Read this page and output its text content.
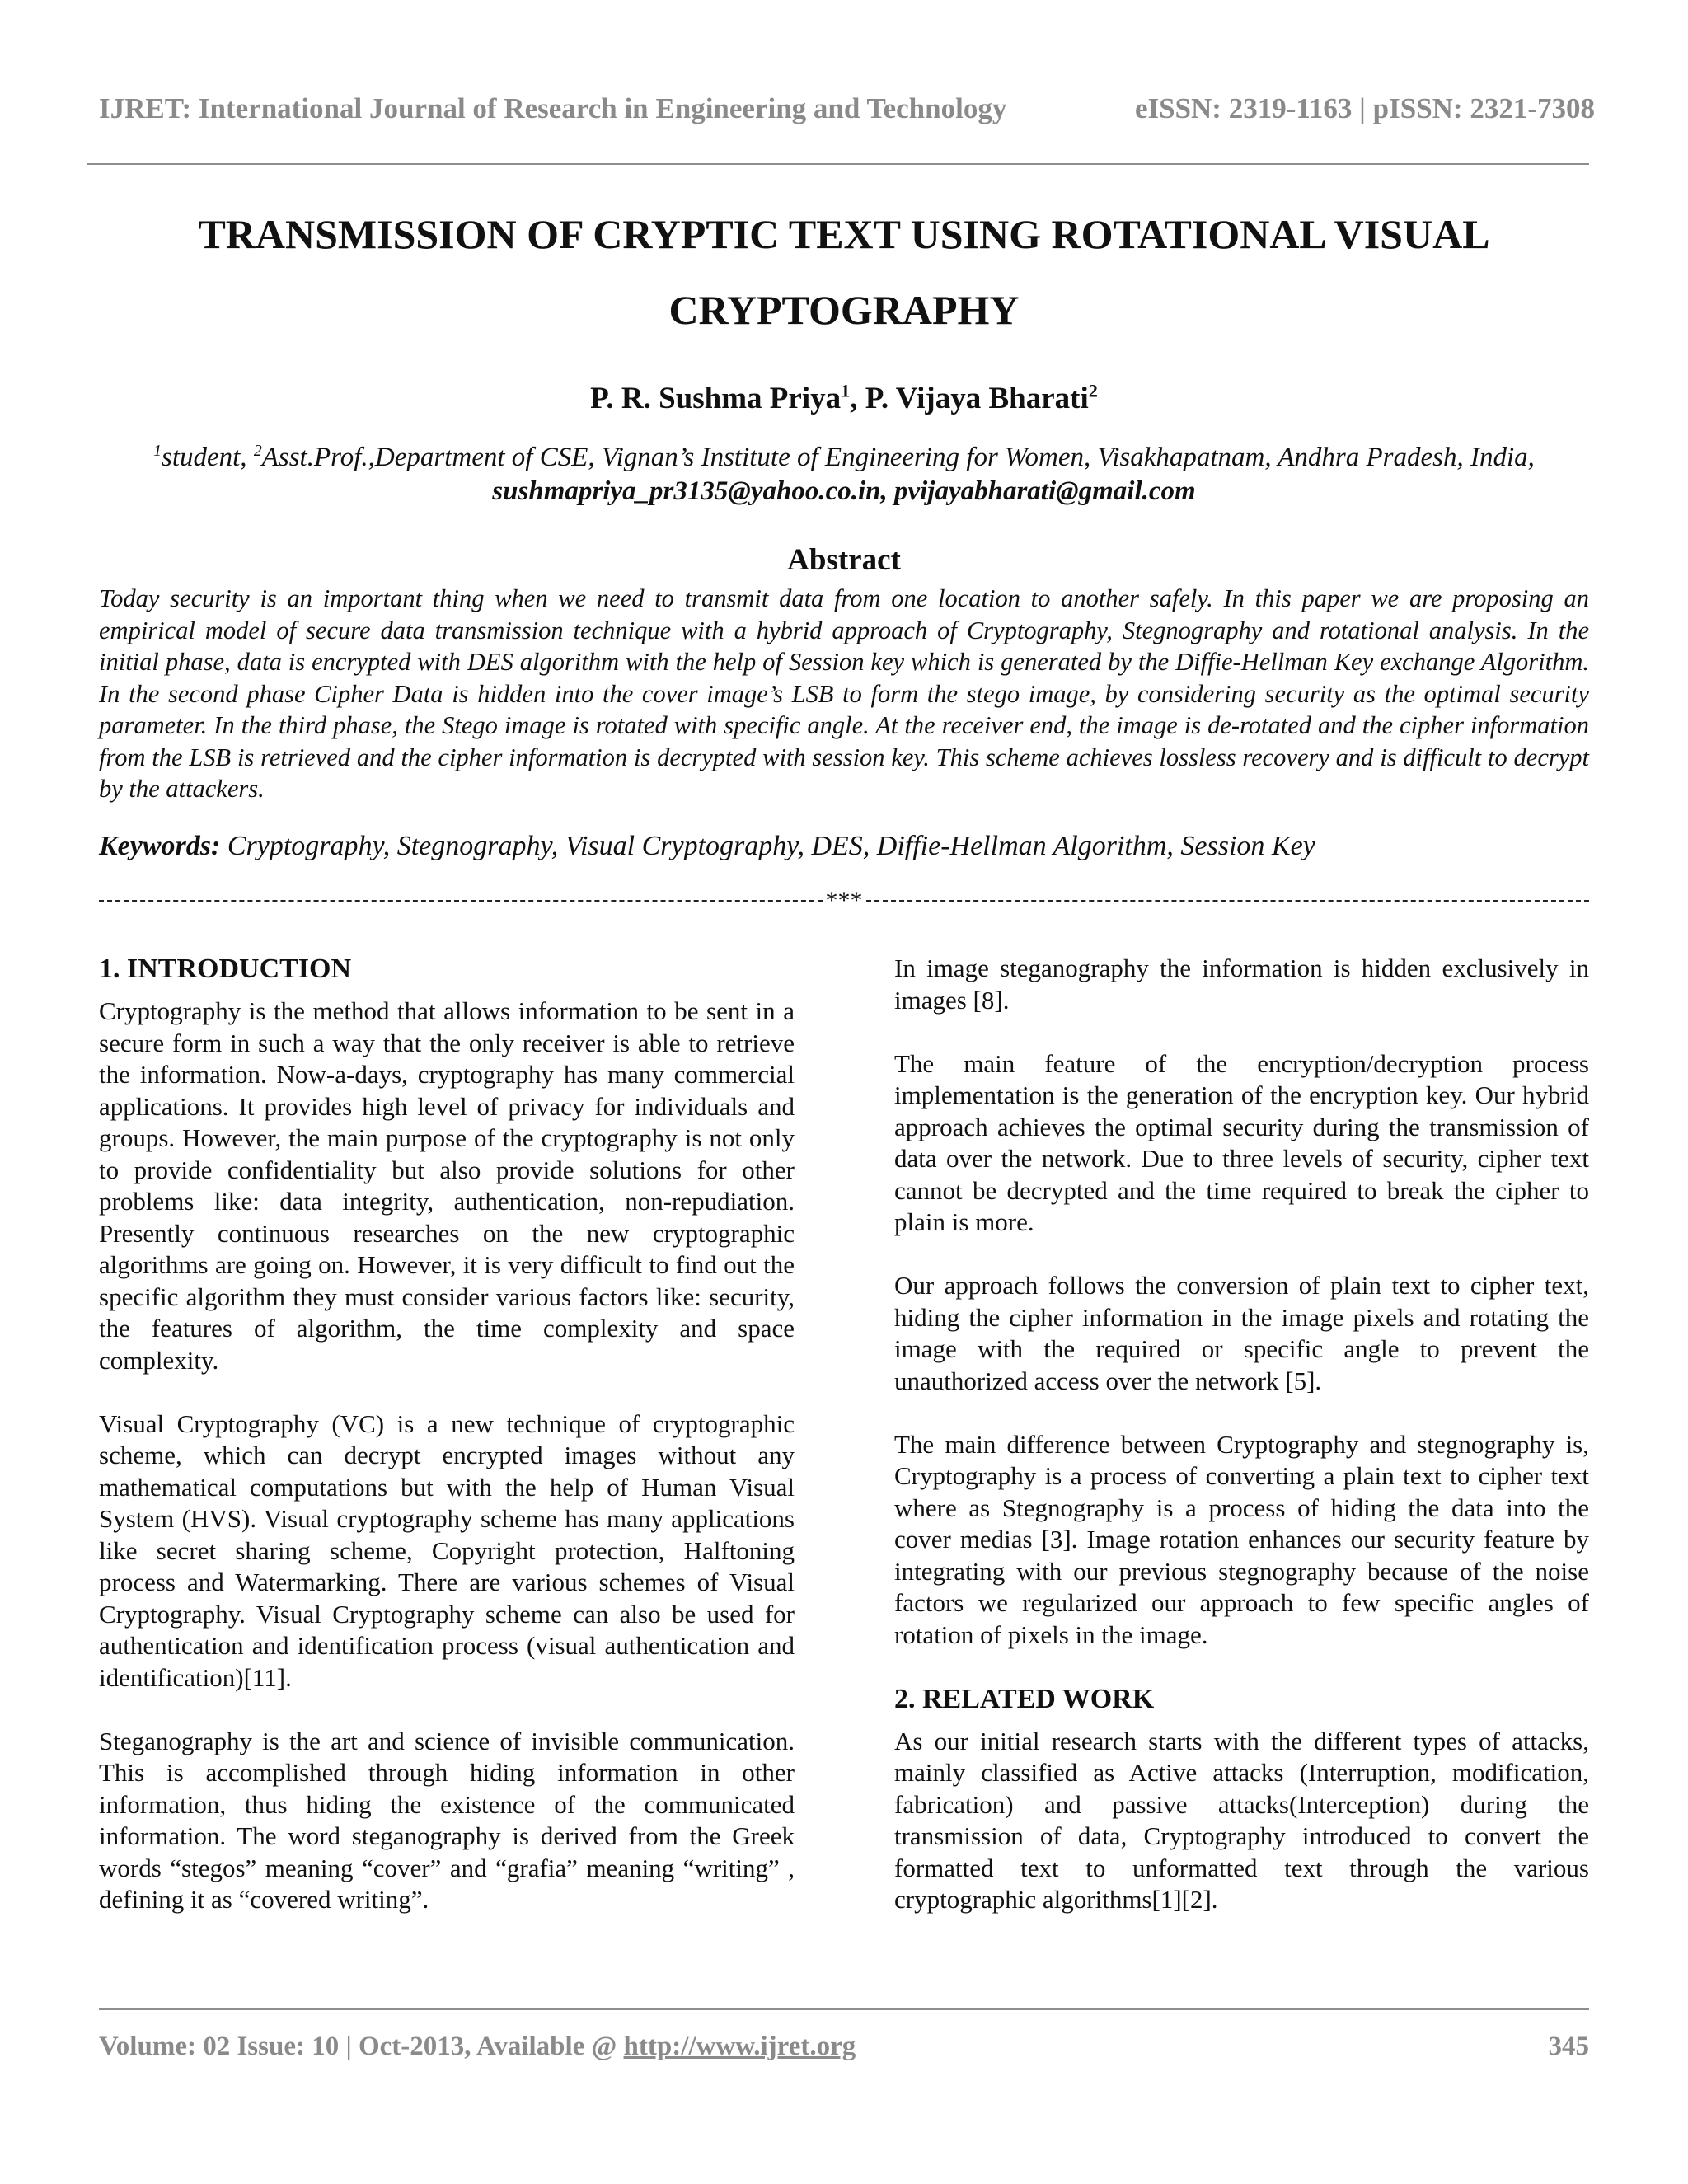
IJRET: International Journal of Research in Engineering and Technology	eISSN: 2319-1163 | pISSN: 2321-7308
TRANSMISSION OF CRYPTIC TEXT USING ROTATIONAL VISUAL CRYPTOGRAPHY
P. R. Sushma Priya$^1$, P. Vijaya Bharati$^2$
$^1$student, $^2$Asst.Prof.,Department of CSE, Vignan’s Institute of Engineering for Women, Visakhapatnam, Andhra Pradesh, India, sushmapriya_pr3135@yahoo.co.in, pvijayabharati@gmail.com
Abstract

Today security is an important thing when we need to transmit data from one location to another safely. In this paper we are proposing an empirical model of secure data transmission technique with a hybrid approach of Cryptography, Stegnography and rotational analysis. In the initial phase, data is encrypted with DES algorithm with the help of Session key which is generated by the Diffie-Hellman Key exchange Algorithm. In the second phase Cipher Data is hidden into the cover image’s LSB to form the stego image, by considering security as the optimal security parameter. In the third phase, the Stego image is rotated with specific angle. At the receiver end, the image is de-rotated and the cipher information from the LSB is retrieved and the cipher information is decrypted with session key. This scheme achieves lossless recovery and is difficult to decrypt by the attackers.

Keywords: Cryptography, Stegnography, Visual Cryptography, DES, Diffie-Hellman Algorithm, Session Key
***
1. INTRODUCTION

Cryptography is the method that allows information to be sent in a secure form in such a way that the only receiver is able to retrieve the information. Now-a-days, cryptography has many commercial applications. It provides high level of privacy for individuals and groups. However, the main purpose of the cryptography is not only to provide confidentiality but also provide solutions for other problems like: data integrity, authentication, non-repudiation. Presently continuous researches on the new cryptographic algorithms are going on. However, it is very difficult to find out the specific algorithm they must consider various factors like: security, the features of algorithm, the time complexity and space complexity.

Visual Cryptography (VC) is a new technique of cryptographic scheme, which can decrypt encrypted images without any mathematical computations but with the help of Human Visual System (HVS). Visual cryptography scheme has many applications like secret sharing scheme, Copyright protection, Halftoning process and Watermarking. There are various schemes of Visual Cryptography. Visual Cryptography scheme can also be used for authentication and identification process (visual authentication and identification)[11].

Steganography is the art and science of invisible communication. This is accomplished through hiding information in other information, thus hiding the existence of the communicated information. The word steganography is derived from the Greek words “stegos” meaning “cover” and “grafia” meaning “writing” , defining it as “covered writing”.

In image steganography the information is hidden exclusively in images [8].

The main feature of the encryption/decryption process implementation is the generation of the encryption key. Our hybrid approach achieves the optimal security during the transmission of data over the network. Due to three levels of security, cipher text cannot be decrypted and the time required to break the cipher to plain is more.

Our approach follows the conversion of plain text to cipher text, hiding the cipher information in the image pixels and rotating the image with the required or specific angle to prevent the unauthorized access over the network [5].

The main difference between Cryptography and stegnography is, Cryptography is a process of converting a plain text to cipher text where as Stegnography is a process of hiding the data into the cover medias [3]. Image rotation enhances our security feature by integrating with our previous stegnography because of the noise factors we regularized our approach to few specific angles of rotation of pixels in the image.

2. RELATED WORK

As our initial research starts with the different types of attacks, mainly classified as Active attacks (Interruption, modification, fabrication) and passive attacks(Interception) during the transmission of data, Cryptography introduced to convert the formatted text to unformatted text through the various cryptographic algorithms[1][2].

Volume: 02 Issue: 10 | Oct-2013, Available @ http://www.ijret.org	345
